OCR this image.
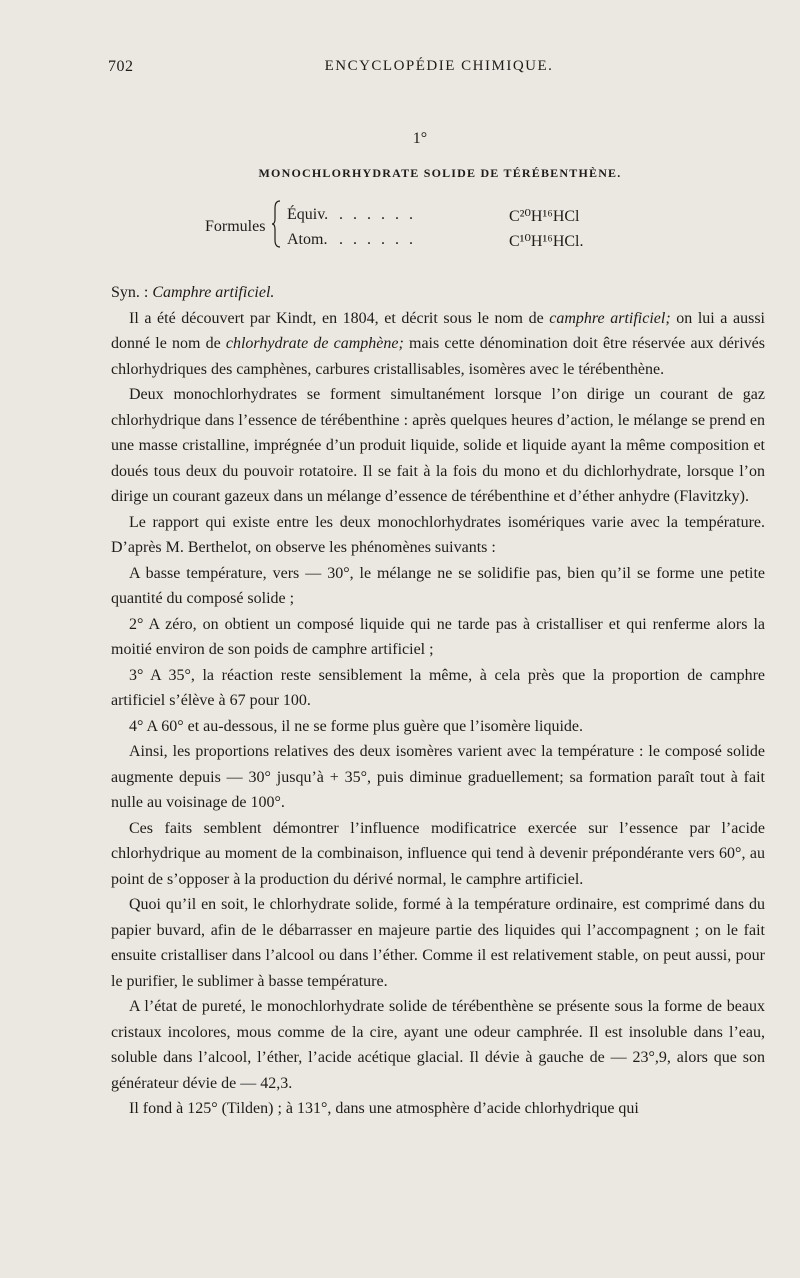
702	ENCYCLOPÉDIE CHIMIQUE.
1°
MONOCHLORHYDRATE SOLIDE DE TÉRÉBENTHÈNE.
Formules
Équiv. . . . . . .	C²⁰H¹⁶HCl
Atom. . . . . . .	C¹⁰H¹⁶HCl.

Syn. : Camphre artificiel.

Il a été découvert par Kindt, en 1804, et décrit sous le nom de camphre artificiel; on lui a aussi donné le nom de chlorhydrate de camphène; mais cette dénomination doit être réservée aux dérivés chlorhydriques des camphènes, carbures cristallisables, isomères avec le térébenthène.

Deux monochlorhydrates se forment simultanément lorsque l’on dirige un courant de gaz chlorhydrique dans l’essence de térébenthine : après quelques heures d’action, le mélange se prend en une masse cristalline, imprégnée d’un produit liquide, solide et liquide ayant la même composition et doués tous deux du pouvoir rotatoire. Il se fait à la fois du mono et du dichlorhydrate, lorsque l’on dirige un courant gazeux dans un mélange d’essence de térébenthine et d’éther anhydre (Flavitzky).

Le rapport qui existe entre les deux monochlorhydrates isomériques varie avec la température. D’après M. Berthelot, on observe les phénomènes suivants :

A basse température, vers — 30°, le mélange ne se solidifie pas, bien qu’il se forme une petite quantité du composé solide ;

2° A zéro, on obtient un composé liquide qui ne tarde pas à cristalliser et qui renferme alors la moitié environ de son poids de camphre artificiel ;

3° A 35°, la réaction reste sensiblement la même, à cela près que la proportion de camphre artificiel s’élève à 67 pour 100.

4° A 60° et au-dessous, il ne se forme plus guère que l’isomère liquide.

Ainsi, les proportions relatives des deux isomères varient avec la température : le composé solide augmente depuis — 30° jusqu’à + 35°, puis diminue graduellement; sa formation paraît tout à fait nulle au voisinage de 100°.

Ces faits semblent démontrer l’influence modificatrice exercée sur l’essence par l’acide chlorhydrique au moment de la combinaison, influence qui tend à devenir prépondérante vers 60°, au point de s’opposer à la production du dérivé normal, le camphre artificiel.

Quoi qu’il en soit, le chlorhydrate solide, formé à la température ordinaire, est comprimé dans du papier buvard, afin de le débarrasser en majeure partie des liquides qui l’accompagnent ; on le fait ensuite cristalliser dans l’alcool ou dans l’éther. Comme il est relativement stable, on peut aussi, pour le purifier, le sublimer à basse température.

A l’état de pureté, le monochlorhydrate solide de térébenthène se présente sous la forme de beaux cristaux incolores, mous comme de la cire, ayant une odeur camphrée. Il est insoluble dans l’eau, soluble dans l’alcool, l’éther, l’acide acétique glacial. Il dévie à gauche de — 23°,9, alors que son générateur dévie de — 42,3.

Il fond à 125° (Tilden) ; à 131°, dans une atmosphère d’acide chlorhydrique qui
